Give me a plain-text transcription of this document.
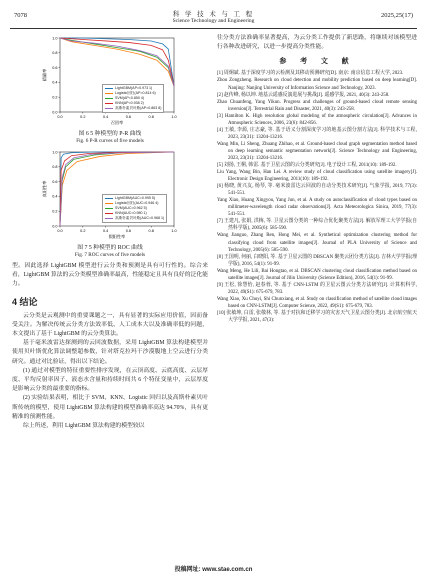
7078	科 学 技 术 与 工 程
Science Technology and Engineering
2025,25(17)
0.0
0.0
0.2
0.2
0.4
0.4
0.6
0.6
0.8
0.8
1.0
1.0
召回率
精确率
LightGBM(AP=0.973 1)
Logistic回归(AP=0.814 6)
SVM(AP=0.850 4)
KNN(AP=0.938 2)
高斯朴素贝叶斯(AP=0.863 8)
图 6 5 种模型的 P-R 曲线
Fig. 6 P-R curves of five models
0.0
0.0
0.2
0.2
0.4
0.4
0.6
0.6
0.8
0.8
1.0
1.0
假阳性率
真阳性率
LightGBM(AUC=0.995 5)
Logistic回归(AUC=0.946 4)
SVM(AUC=0.962 5)
KNN(AUC=0.980 1)
高斯朴素贝叶斯(AUC=0.968 1)
图 7 5 种模型的 ROC 曲线
Fig. 7 ROC curves of five models

型。因此选择 LightGBM 模型进行云分类和预测是具有可行性的。综合来看，LightGBM 算法的云分类模型准确率最高，性能稳定且具有良好的泛化能力。

4 结论

云分类是云观测中的重要课题之一，具有显著的实际应用价值，因而备受关注。为解决传统云分类方法效率低、人工成本大以及准确率低的问题，本文提出了基于 LightGBM 的云分类算法。

基于毫米波雷达探测到的云回波数据，采用 LightGBM 算法构建模型并使用贝叶斯优化算法调整超参数，针对塔克拉玛干沙漠腹地上空云进行分类研究。通过对比验证，得出以下结论。

(1) 通过对模型的特征重要性排序发现，在云顶高度、云底高度、云层厚度、平均反射率因子、液态水含量和持续时间共 6 个特征变量中，云层厚度是影响云分类的最重要的指标。

(2) 实验结果表明，相比于 SVM、KNN、Logistic 回归以及高斯朴素贝叶斯传统的模型，使用 LightGBM 算法构建的模型准确率高达 94.70%，具有更精准的预测性能。

综上所述，利用 LightGBM 算法构建的模型较以

往分类方法准确率显著提高，为云分类工作提供了新思路，将继续对该模型进行各种改进研究，以进一步提高分类性能。

参 考 文 献
[1] 周炯斌. 基于深度学习的云检测及其移动预测研究[D]. 南京: 南京信息工程大学, 2023.
Zhou Zongzheng. Research on cloud detection and mobility prediction based on deep learning[D]. Nanjing: Nanjing University of Information Science and Technology, 2023.
[2] 赵传峰, 杨以坤. 地基云遥感反演进展与挑战[J]. 遥感学报, 2021, 40(3): 243-258.
Zhao Chuanfeng, Yang Yikun. Progress and challenges of ground-based cloud remote sensing inversion[J]. Terrestrial Rain and Disaster, 2021, 40(3): 243-258.
[3] Hamilton K. High resolution global modeling of the atmospheric circulation[J]. Advances in Atmospheric Sciences, 2006, 23(6): 842-856.
[4] 王敏, 李源, 庄志豪, 等. 基于语义分割深度学习的地基云图分割方法[J]. 科学技术与工程, 2023, 23(31): 13204-13216.
Wang Min, Li Sheng, Zhuang Zhihao, et al. Ground-based cloud graph segmentation method based on deep learning semantic segmentation network[J]. Science Technology and Engineering, 2023, 23(31): 13204-13216.
[5] 刘扬, 王桐, 韩雷. 基于卫星云图的云分类研究[J]. 电子设计工程, 2011(10): 189-192.
Liu Yang, Wang Bin, Han Lei. A review study of cloud classification using satellite imagery[J]. Electronic Design Engineering, 2011(10): 189-192.
[6] 杨晓, 黄兴友, 杨琴, 等. 毫米波雷达云回波的自动分类技术研究[J]. 气象学报, 2019, 77(3): 541-551.
Yang Xiao, Huang Xingyou, Yang Jun, et al. A study on autoclassification of cloud types based on millimeter-wavelength cloud radar observations[J]. Acta Meteorologica Sinica, 2019, 77(3): 541-551.
[7] 王建凡, 张娟, 洪梅, 等. 卫星云图分类的一种综合优化聚类方法[J]. 解放军理工大学学报(自然科学版), 2005(6): 585-590.
Wang Jianguo, Zhang Ren, Hong Mei, et al. Synthetical optimization clustering method for classifying cloud from satellite images[J]. Journal of PLA University of Science and Technology, 2005(6): 585-590.
[8] 王国明, 何丽, 白晓阳, 等. 基于卫星云图的 DBSCAN 聚类云团分类方法[J]. 吉林大学学报(理学版), 2016, 54(1): 91-99.
Wang Meng, He Lili, Bai Hongtao, et al. DBSCAN clustering cloud classification method based on satellite images[J]. Journal of Jilin University (Science Edition), 2016, 54(1): 91-99.
[9] 王松, 徐慧怡, 赵春蓉, 等. 基于 CNN-LSTM 的卫星云图云分类方法研究[J]. 计算机科学, 2022, 49(S1): 675-679, 783.
Wang Xiao, Xu Chuyi, Shi Chunxiang, et al. Study on classification method of satellite cloud images based on CNN-LSTM[J]. Computer Science, 2022, 49(S1): 675-679, 783.
[10] 张敏坤, 白雷, 张敬林, 等. 基于对抗和迁移学习的灾害天气卫星云图分类[J]. 北京航空航天大学学报, 2021, 47(3):
投稿网址: www.stae.com.cn
